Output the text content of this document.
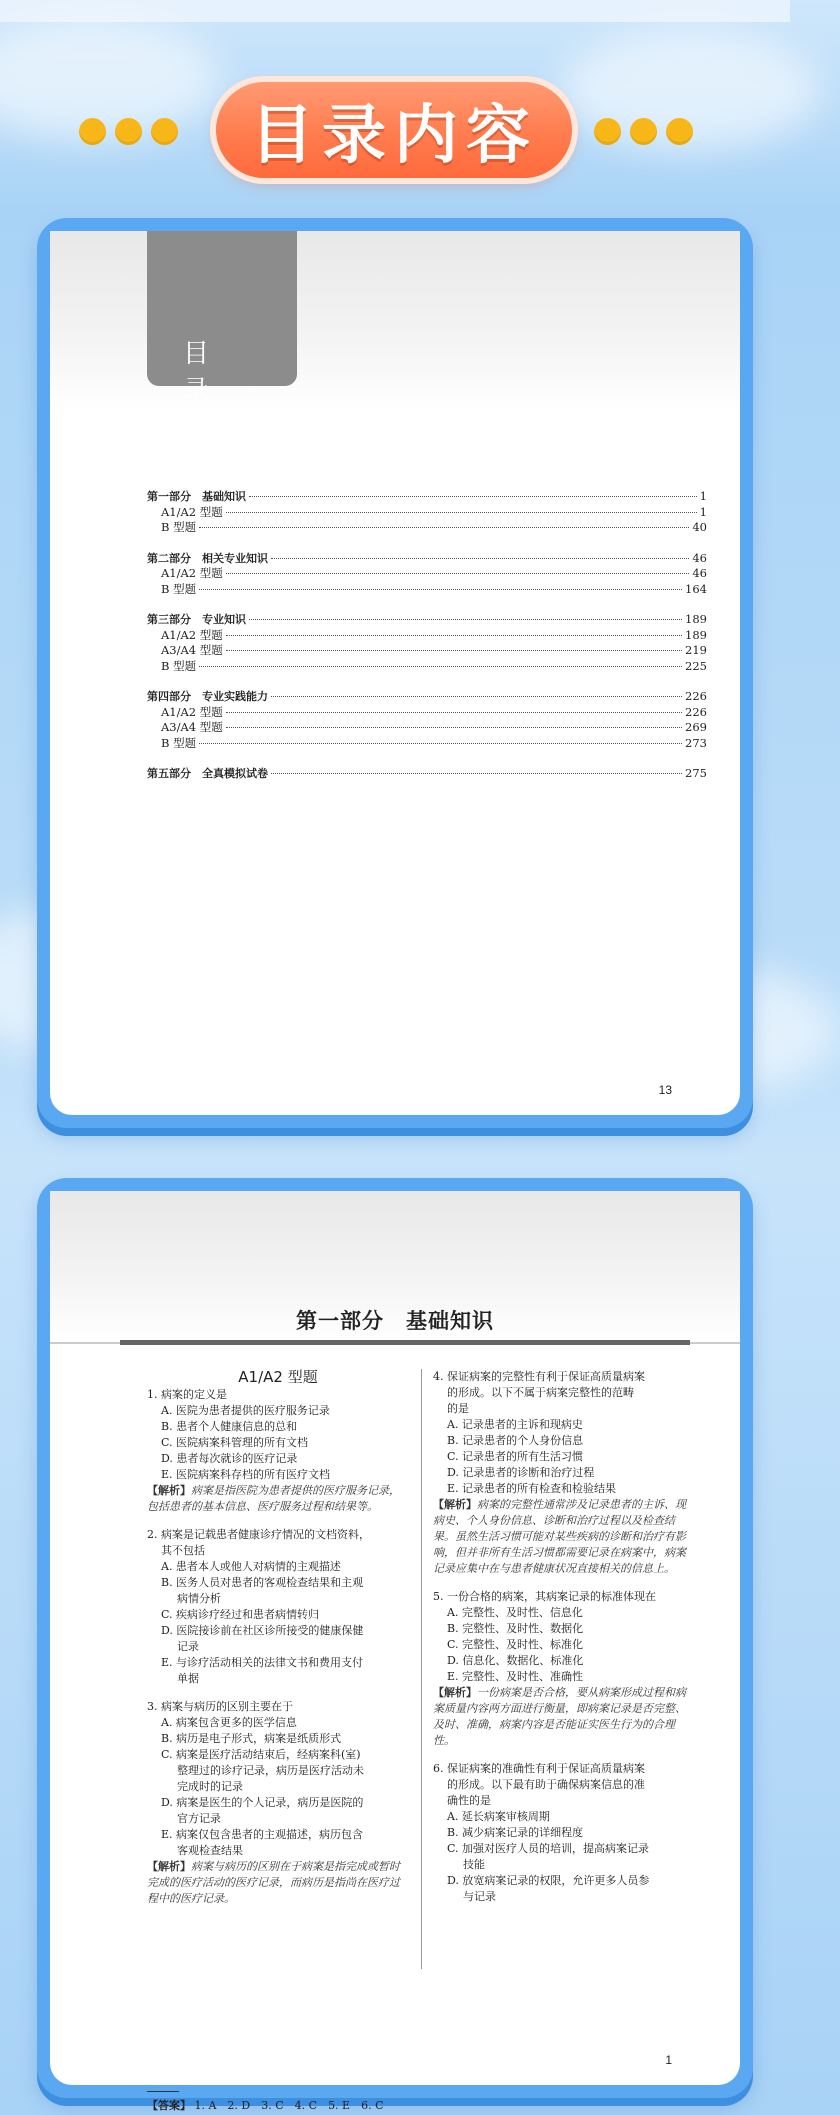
目录内容
目　录
第一部分　基础知识	1
A1/A2 型题	1
B 型题	40
第二部分　相关专业知识	46
A1/A2 型题	46
B 型题	164
第三部分　专业知识	189
A1/A2 型题	189
A3/A4 型题	219
B 型题	225
第四部分　专业实践能力	226
A1/A2 型题	226
A3/A4 型题	269
B 型题	273
第五部分　全真模拟试卷	275
13
第一部分　基础知识
A1/A2 型题
1. 病案的定义是
A. 医院为患者提供的医疗服务记录
B. 患者个人健康信息的总和
C. 医院病案科管理的所有文档
D. 患者每次就诊的医疗记录
E. 医院病案科存档的所有医疗文档
【解析】病案是指医院为患者提供的医疗服务记录，包括患者的基本信息、医疗服务过程和结果等。
2. 病案是记载患者健康诊疗情况的文档资料，
其不包括
A. 患者本人或他人对病情的主观描述
B. 医务人员对患者的客观检查结果和主观
病情分析
C. 疾病诊疗经过和患者病情转归
D. 医院接诊前在社区诊所接受的健康保健
记录
E. 与诊疗活动相关的法律文书和费用支付
单据
3. 病案与病历的区别主要在于
A. 病案包含更多的医学信息
B. 病历是电子形式，病案是纸质形式
C. 病案是医疗活动结束后，经病案科(室)
整理过的诊疗记录，病历是医疗活动未
完成时的记录
D. 病案是医生的个人记录，病历是医院的
官方记录
E. 病案仅包含患者的主观描述，病历包含
客观检查结果
【解析】病案与病历的区别在于病案是指完成或暂时完成的医疗活动的医疗记录，而病历是指尚在医疗过程中的医疗记录。
4. 保证病案的完整性有利于保证高质量病案
的形成。以下不属于病案完整性的范畴
的是
A. 记录患者的主诉和现病史
B. 记录患者的个人身份信息
C. 记录患者的所有生活习惯
D. 记录患者的诊断和治疗过程
E. 记录患者的所有检查和检验结果
【解析】病案的完整性通常涉及记录患者的主诉、现病史、个人身份信息、诊断和治疗过程以及检查结果。虽然生活习惯可能对某些疾病的诊断和治疗有影响，但并非所有生活习惯都需要记录在病案中，病案记录应集中在与患者健康状况直接相关的信息上。
5. 一份合格的病案，其病案记录的标准体现在
A. 完整性、及时性、信息化
B. 完整性、及时性、数据化
C. 完整性、及时性、标准化
D. 信息化、数据化、标准化
E. 完整性、及时性、准确性
【解析】一份病案是否合格，要从病案形成过程和病案质量内容两方面进行衡量，即病案记录是否完整、及时、准确，病案内容是否能证实医生行为的合理性。
6. 保证病案的准确性有利于保证高质量病案
的形成。以下最有助于确保病案信息的准
确性的是
A. 延长病案审核周期
B. 减少病案记录的详细程度
C. 加强对医疗人员的培训，提高病案记录
技能
D. 放宽病案记录的权限，允许更多人员参
与记录
【答案】 1. A　2. D　3. C　4. C　5. E　6. C
1
